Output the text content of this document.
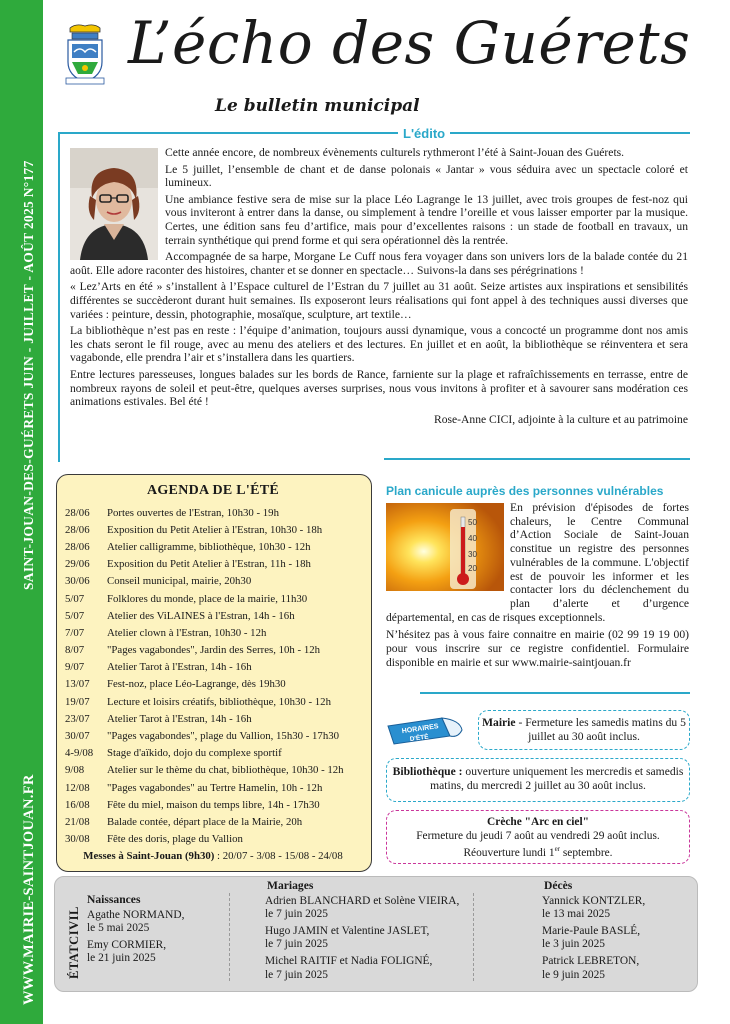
SAINT-JOUAN-DES-GUÉRETS JUIN - JUILLET - AOÛT 2025 N°177
WWW.MAIRIE-SAINTJOUAN.FR
L’écho des Guérets
Le bulletin municipal
L'édito

Cette année encore, de nombreux évènements culturels rythmeront l’été à Saint-Jouan des Guérets.

Le 5 juillet, l’ensemble de chant et de danse polonais « Jantar » vous séduira avec un spectacle coloré et lumineux.

Une ambiance festive sera de mise sur la place Léo Lagrange le 13 juillet, avec trois groupes de fest-noz qui vous inviteront à entrer dans la danse, ou simplement à tendre l’oreille et vous laisser emporter par la musique. Certes, une édition sans feu d’artifice, mais pour d’excellentes raisons : un stade de football en travaux, un terrain synthétique qui prend forme et qui sera opérationnel dès la rentrée.

Accompagnée de sa harpe, Morgane Le Cuff nous fera voyager dans son univers lors de la balade contée du 21 août. Elle adore raconter des histoires, chanter et se donner en spectacle… Suivons-la dans ses pérégrinations !

« Lez’Arts en été » s’installent à l’Espace culturel de l’Estran du 7 juillet au 31 août. Seize artistes aux inspirations et sensibilités différentes se succèderont durant huit semaines. Ils exposeront leurs réalisations qui font appel à des techniques aussi diverses que variées : peinture, dessin, photographie, mosaïque, sculpture, art textile…

La bibliothèque n’est pas en reste : l’équipe d’animation, toujours aussi dynamique, vous a concocté un programme dont nos amis les chats seront le fil rouge, avec au menu des ateliers et des lectures. En juillet et en août, la bibliothèque se réinventera et sera vagabonde, elle prendra l’air et s’installera dans les quartiers.

Entre lectures paresseuses, longues balades sur les bords de Rance, farniente sur la plage et rafraîchissements en terrasse, entre de nombreux rayons de soleil et peut-être, quelques averses surprises, nous vous invitons à profiter et à savourer sans modération ces animations estivales. Bel été !

Rose-Anne CICI, adjointe à la culture et au patrimoine
AGENDA DE L'ÉTÉ
28/06	Portes ouvertes de l'Estran, 10h30 - 19h
28/06	Exposition du Petit Atelier à l'Estran, 10h30 - 18h
28/06	Atelier calligramme, bibliothèque, 10h30 - 12h
29/06	Exposition du Petit Atelier à l'Estran, 11h - 18h
30/06	Conseil municipal, mairie, 20h30
5/07	Folklores du monde, place de la mairie, 11h30
5/07	Atelier des ViLAINES à l'Estran, 14h - 16h
7/07	Atelier clown à l'Estran, 10h30 - 12h
8/07	"Pages vagabondes", Jardin des Serres, 10h - 12h
9/07	Atelier Tarot à l'Estran, 14h - 16h
13/07	Fest-noz, place Léo-Lagrange, dès 19h30
19/07	Lecture et loisirs créatifs, bibliothèque, 10h30 - 12h
23/07	Atelier Tarot à l'Estran, 14h - 16h
30/07	"Pages vagabondes", plage du Vallion, 15h30 - 17h30
4-9/08	Stage d'aïkido, dojo du complexe sportif
9/08	Atelier sur le thème du chat, bibliothèque, 10h30 - 12h
12/08	"Pages vagabondes" au Tertre Hamelin, 10h - 12h
16/08	Fête du miel, maison du temps libre, 14h - 17h30
21/08	Balade contée, départ place de la Mairie, 20h
30/08	Fête des doris, plage du Vallion
Messes à Saint-Jouan (9h30) : 20/07 - 3/08 - 15/08 - 24/08
Plan canicule auprès des personnes vulnérables
50
40
30
20

En prévision d'épisodes de fortes chaleurs, le Centre Communal d’Action Sociale de Saint-Jouan constitue un registre des personnes vulnérables de la commune. L'objectif est de pouvoir les informer et les contacter lors du déclenchement du plan d’alerte et d’urgence départemental, en cas de risques exceptionnels.

N’hésitez pas à vous faire connaitre en mairie (02 99 19 19 00) pour vous inscrire sur ce registre confidentiel. Formulaire disponible en mairie et sur www.mairie-saintjouan.fr

HORAIRES
D'ÉTÉ
Mairie - Fermeture les samedis matins du 5 juillet au 30 août inclus.
Bibliothèque : ouverture uniquement les mercredis et samedis matins, du mercredi 2 juillet au 30 août inclus.
Crèche "Arc en ciel"
Fermeture du jeudi 7 août au vendredi 29 août inclus.
Réouverture lundi 1er septembre.
ÉTATCIVIL
Naissances
Agathe NORMAND,
le 5 mai 2025
Emy CORMIER,
le 21 juin 2025
Mariages
Adrien BLANCHARD et Solène VIEIRA,
le 7 juin 2025
Hugo JAMIN et Valentine JASLET,
le 7 juin 2025
Michel RAITIF et Nadia FOLIGNÉ,
le 7 juin 2025
Décès
Yannick KONTZLER,
le 13 mai 2025
Marie-Paule BASLÉ,
le 3 juin 2025
Patrick LEBRETON,
le 9 juin 2025
